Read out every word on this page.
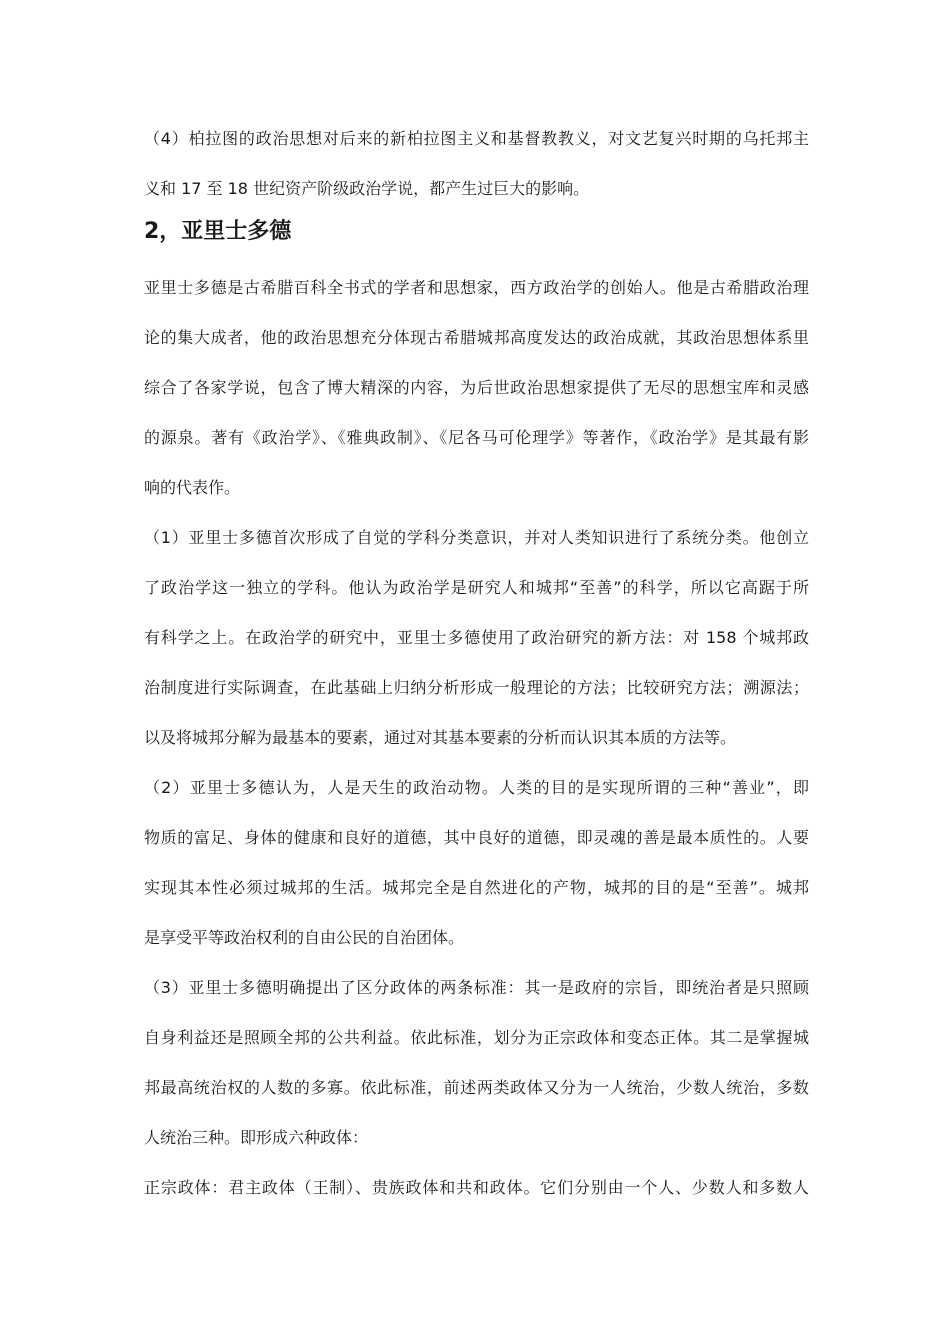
（4）柏拉图的政治思想对后来的新柏拉图主义和基督教教义，对文艺复兴时期的乌托邦主
义和 17 至 18 世纪资产阶级政治学说，都产生过巨大的影响。
2，亚里士多德
亚里士多德是古希腊百科全书式的学者和思想家，西方政治学的创始人。他是古希腊政治理
论的集大成者，他的政治思想充分体现古希腊城邦高度发达的政治成就，其政治思想体系里
综合了各家学说，包含了博大精深的内容，为后世政治思想家提供了无尽的思想宝库和灵感
的源泉。著有《政治学》、《雅典政制》、《尼各马可伦理学》等著作，《政治学》是其最有影
响的代表作。
（1）亚里士多德首次形成了自觉的学科分类意识，并对人类知识进行了系统分类。他创立
了政治学这一独立的学科。他认为政治学是研究人和城邦“至善”的科学，所以它高踞于所
有科学之上。在政治学的研究中，亚里士多德使用了政治研究的新方法：对 158 个城邦政
治制度进行实际调查，在此基础上归纳分析形成一般理论的方法；比较研究方法；溯源法；
以及将城邦分解为最基本的要素，通过对其基本要素的分析而认识其本质的方法等。
（2）亚里士多德认为，人是天生的政治动物。人类的目的是实现所谓的三种“善业”，即
物质的富足、身体的健康和良好的道德，其中良好的道德，即灵魂的善是最本质性的。人要
实现其本性必须过城邦的生活。城邦完全是自然进化的产物，城邦的目的是“至善”。城邦
是享受平等政治权利的自由公民的自治团体。
（3）亚里士多德明确提出了区分政体的两条标准：其一是政府的宗旨，即统治者是只照顾
自身利益还是照顾全邦的公共利益。依此标准，划分为正宗政体和变态正体。其二是掌握城
邦最高统治权的人数的多寡。依此标准，前述两类政体又分为一人统治，少数人统治，多数
人统治三种。即形成六种政体：
正宗政体：君主政体（王制）、贵族政体和共和政体。它们分别由一个人、少数人和多数人
